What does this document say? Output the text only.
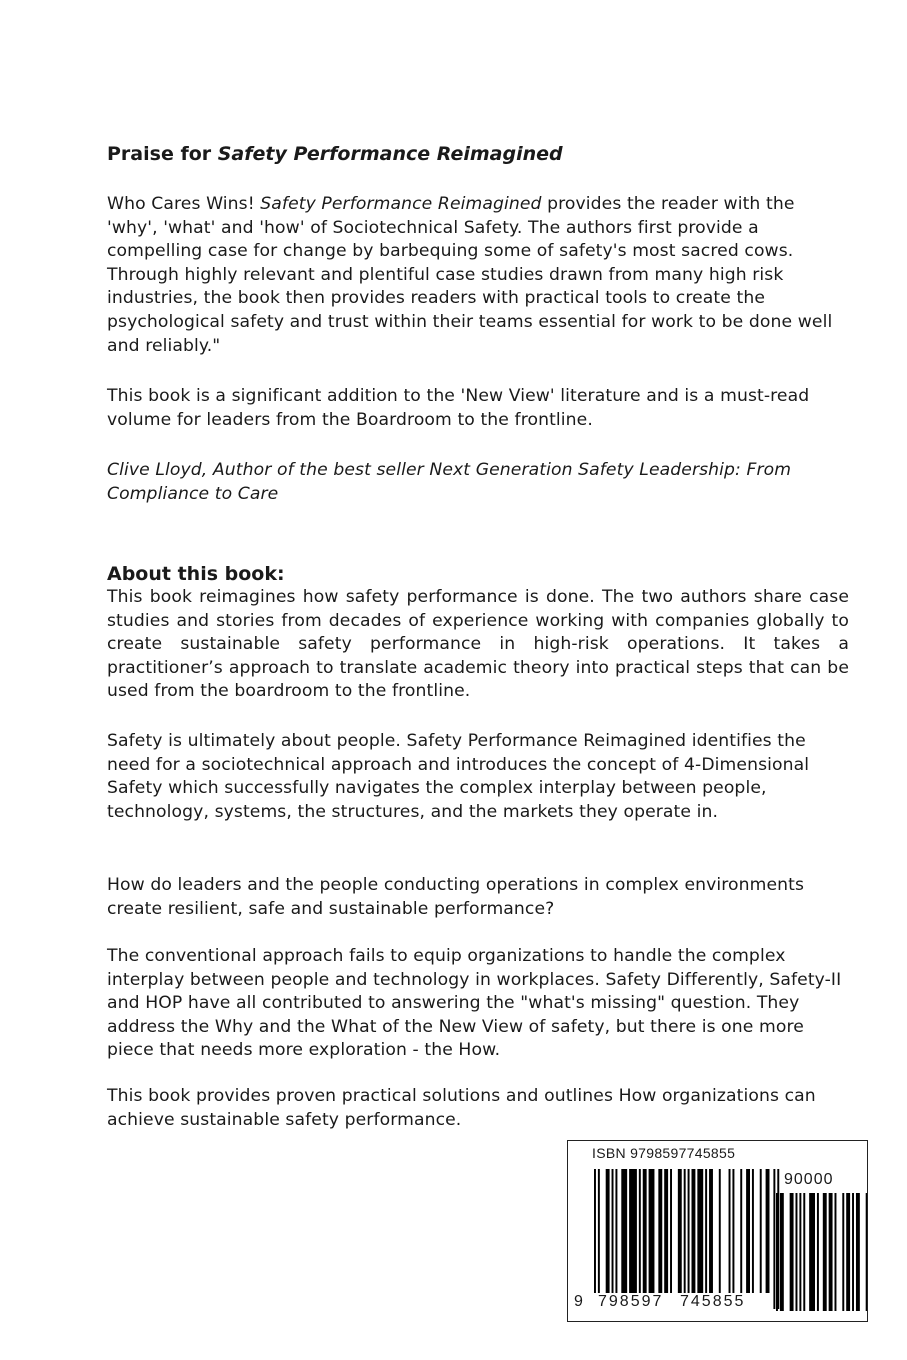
Praise for Safety Performance Reimagined

Who Cares Wins! Safety Performance Reimagined provides the reader with the 'why', 'what' and 'how' of Sociotechnical Safety. The authors first provide a compelling case for change by barbequing some of safety's most sacred cows. Through highly relevant and plentiful case studies drawn from many high risk industries, the book then provides readers with practical tools to create the psychological safety and trust within their teams essential for work to be done well and reliably."

This book is a significant addition to the 'New View' literature and is a must-read volume for leaders from the Boardroom to the frontline.

Clive Lloyd, Author of the best seller Next Generation Safety Leadership: From Compliance to Care

About this book:

This book reimagines how safety performance is done. The two authors share case studies and stories from decades of experience working with companies globally to create sustainable safety performance in high-risk operations. It takes a practitioner’s approach to translate academic theory into practical steps that can be used from the boardroom to the frontline.

Safety is ultimately about people. Safety Performance Reimagined identifies the need for a sociotechnical approach and introduces the concept of 4-Dimensional Safety which successfully navigates the complex interplay between people, technology, systems, the structures, and the markets they operate in.

How do leaders and the people conducting operations in complex environments create resilient, safe and sustainable performance?

The conventional approach fails to equip organizations to handle the complex interplay between people and technology in workplaces. Safety Differently, Safety-II and HOP have all contributed to answering the "what's missing" question. They address the Why and the What of the New View of safety, but there is one more piece that needs more exploration - the How.

This book provides proven practical solutions and outlines How organizations can achieve sustainable safety performance.

ISBN 9798597745855
90000
9 798597 745855
